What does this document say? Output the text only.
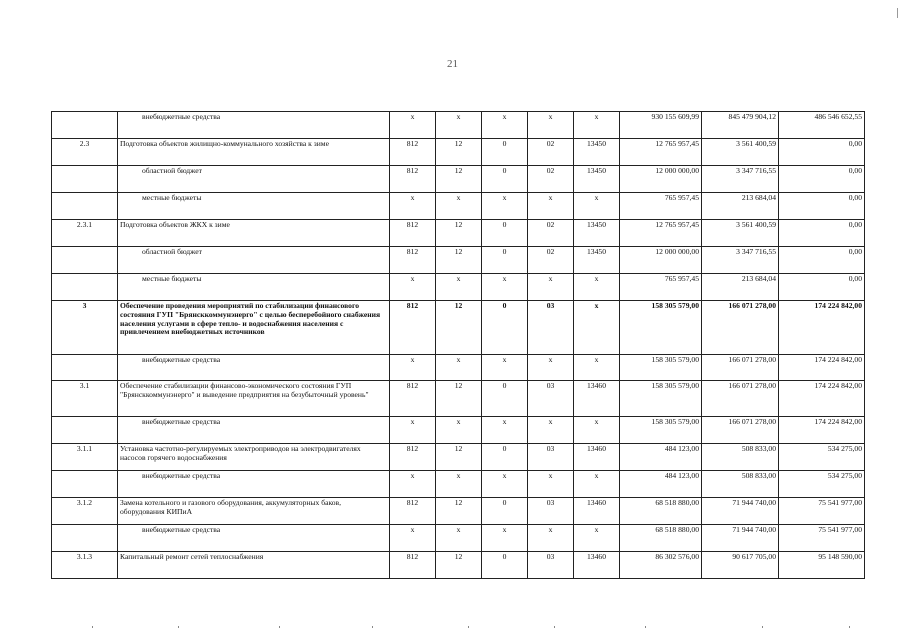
21
	внебюджетные средства	x	x	x	x	x	930 155 609,99	845 479 904,12	486 546 652,55
2.3	Подготовка объектов жилищно-коммунального хозяйства к зиме	812	12	0	02	13450	12 765 957,45	3 561 400,59	0,00
	областной бюджет	812	12	0	02	13450	12 000 000,00	3 347 716,55	0,00
	местные бюджеты	x	x	x	x	x	765 957,45	213 684,04	0,00
2.3.1	Подготовка объектов ЖКХ к зиме	812	12	0	02	13450	12 765 957,45	3 561 400,59	0,00
	областной бюджет	812	12	0	02	13450	12 000 000,00	3 347 716,55	0,00
	местные бюджеты	x	x	x	x	x	765 957,45	213 684,04	0,00
3	Обеспечение проведения мероприятий по стабилизации финансового состояния ГУП "Брянсккоммунэнерго" с целью бесперебойного снабжения населения услугами в сфере тепло- и водоснабжения населения с привлечением внебюджетных источников	812	12	0	03	x	158 305 579,00	166 071 278,00	174 224 842,00
	внебюджетные средства	x	x	x	x	x	158 305 579,00	166 071 278,00	174 224 842,00
3.1	Обеспечение стабилизации финансово-экономического состояния ГУП "Брянсккоммунэнерго" и выведение предприятия на безубыточный уровень"	812	12	0	03	13460	158 305 579,00	166 071 278,00	174 224 842,00
	внебюджетные средства	x	x	x	x	x	158 305 579,00	166 071 278,00	174 224 842,00
3.1.1	Установка частотно-регулируемых электроприводов на электродвигателях насосов горячего водоснабжения	812	12	0	03	13460	484 123,00	508 833,00	534 275,00
	внебюджетные средства	x	x	x	x	x	484 123,00	508 833,00	534 275,00
3.1.2	Замена котельного и газового оборудования, аккумуляторных баков, оборудования КИПиА	812	12	0	03	13460	68 518 880,00	71 944 740,00	75 541 977,00
	внебюджетные средства	x	x	x	x	x	68 518 880,00	71 944 740,00	75 541 977,00
3.1.3	Капитальный ремонт сетей теплоснабжения	812	12	0	03	13460	86 302 576,00	90 617 705,00	95 148 590,00
